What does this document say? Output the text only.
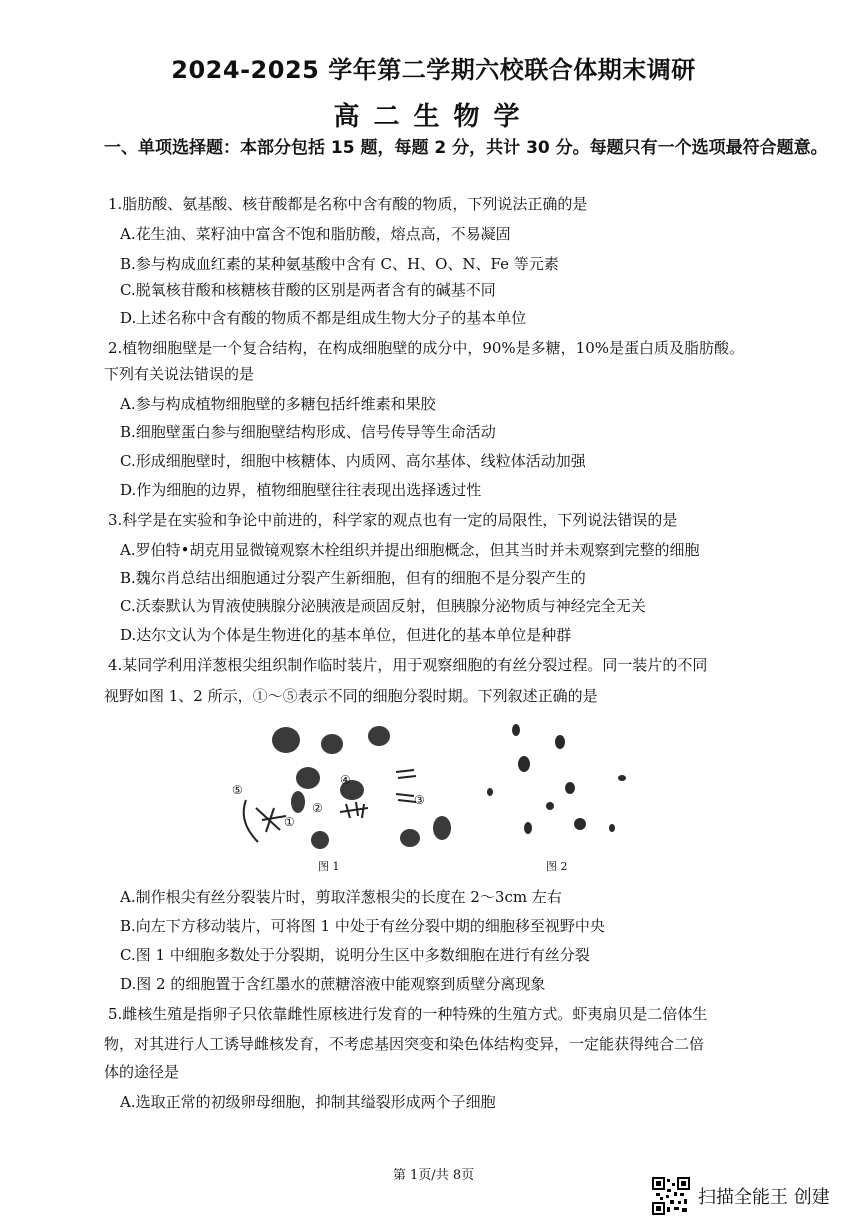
2024-2025 学年第二学期六校联合体期末调研
高二生物学
一、单项选择题：本部分包括 15 题，每题 2 分，共计 30 分。每题只有一个选项最符合题意。
1.脂肪酸、氨基酸、核苷酸都是名称中含有酸的物质，下列说法正确的是
A.花生油、菜籽油中富含不饱和脂肪酸，熔点高，不易凝固
B.参与构成血红素的某种氨基酸中含有 C、H、O、N、Fe 等元素
C.脱氧核苷酸和核糖核苷酸的区别是两者含有的碱基不同
D.上述名称中含有酸的物质不都是组成生物大分子的基本单位
2.植物细胞壁是一个复合结构，在构成细胞壁的成分中，90%是多糖，10%是蛋白质及脂肪酸。
下列有关说法错误的是
A.参与构成植物细胞壁的多糖包括纤维素和果胶
B.细胞壁蛋白参与细胞壁结构形成、信号传导等生命活动
C.形成细胞壁时，细胞中核糖体、内质网、高尔基体、线粒体活动加强
D.作为细胞的边界，植物细胞壁往往表现出选择透过性
3.科学是在实验和争论中前进的，科学家的观点也有一定的局限性，下列说法错误的是
A.罗伯特•胡克用显微镜观察木栓组织并提出细胞概念，但其当时并未观察到完整的细胞
B.魏尔肖总结出细胞通过分裂产生新细胞，但有的细胞不是分裂产生的
C.沃泰默认为胃液使胰腺分泌胰液是顽固反射，但胰腺分泌物质与神经完全无关
D.达尔文认为个体是生物进化的基本单位，但进化的基本单位是种群
4.某同学利用洋葱根尖组织制作临时装片，用于观察细胞的有丝分裂过程。同一装片的不同
视野如图 1、2 所示，①～⑤表示不同的细胞分裂时期。下列叙述正确的是
⑤
②
④
③
①
图 1	图 2
A.制作根尖有丝分裂装片时，剪取洋葱根尖的长度在 2～3cm 左右
B.向左下方移动装片，可将图 1 中处于有丝分裂中期的细胞移至视野中央
C.图 1 中细胞多数处于分裂期，说明分生区中多数细胞在进行有丝分裂
D.图 2 的细胞置于含红墨水的蔗糖溶液中能观察到质壁分离现象
5.雌核生殖是指卵子只依靠雌性原核进行发育的一种特殊的生殖方式。虾夷扇贝是二倍体生
物，对其进行人工诱导雌核发育，不考虑基因突变和染色体结构变异，一定能获得纯合二倍
体的途径是
A.选取正常的初级卵母细胞，抑制其缢裂形成两个子细胞
第 1页/共 8页
扫描全能王 创建
